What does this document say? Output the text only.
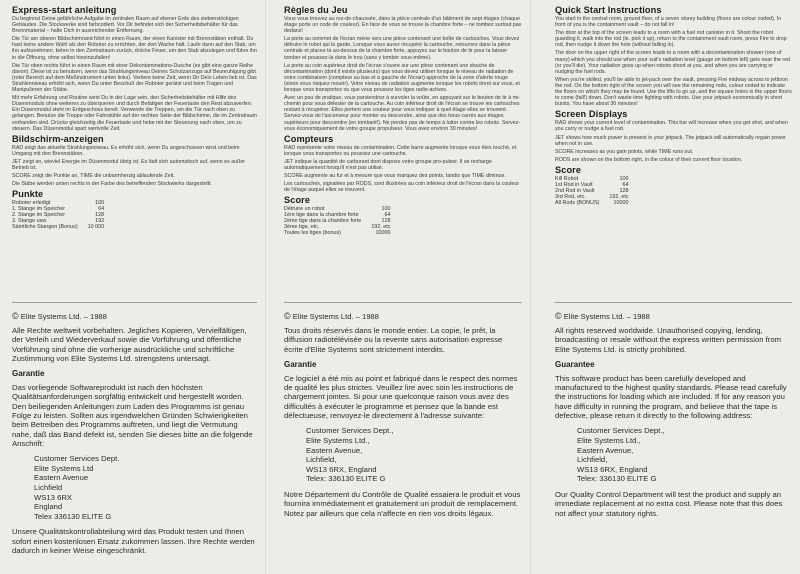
Express-start anleitung

Du beginnst Deine gefährliche Aufgabe im zentralen Raum auf ebener Erde des siebenstöckigen Gebäudes. Die Stockwerke sind farbcodiert. Vor Dir befindet sich der Sicherheitsbehälter für das Brennmaterial – halte Dich in ausreichender Entfernung.

Die Tür am oberen Bildschirmrand führt in einen Raum, der einen Kanister mit Brennstäben enthält. Du hast keine andere Wahl als den Roboter zu errichten, der dort Wache hält. Laufe dann auf den Stab, um ihn aufzunehmen, kehre in den Zentralraum zurück, drücke Feuer, um den Stab abzulegen und führe ihn in die Öffnung, ohne selbst hineinzufallen!

Die Tür oben rechts führt in einen Raum mit einer Dekontaminations-Dusche (es gibt eine ganze Reihe davon). Diese ist zu benutzen, wenn das Strahlungsniveau Deines Schutzanzugs auf Beunruhigung gibt (roter Bereich auf dem Meßinstrument unten links). Verliere keine Zeit, wenn Dir Dein Leben lieb ist. Das Strahlenniveau erhöht sich, wenn Du unter Beschuß der Roboter gerätst und beim Tragen und Manipulieren der Stäbe.

Mit mehr Erfahrung und Routine wirst Du in der Lage sein, den Sicherheitsbehälter mit Hilfe des Düsenmoduls ohne weiteres zu überqueren und durch Betätigen der Feuertaste den Rest abzuwerfen. Ein Düsenmodul steht im Erdgeschoss bereit. Verwende die Treppen, um die Tür nach oben zu gelangen. Benutze die Treppe oder Fahrstühle auf der rechten Seite der Bildschirme, die im Zentralraum vorhanden sind. Drücke gleichzeitig die Feuertaste und hebe mit der Steuerung nach oben, um zu steuern. Das Düsenmodul spart wertvolle Zeit.

Bildschirm-anzeigen

RAD zeigt das aktuelle Strahlungsniveau. Es erhöht sich, wenn Du angeschossen wirst und beim Umgang mit den Brennstäben.

JET zeigt an, wieviel Energie im Düsenmodul übrig ist. Es lädt sich automatisch auf, wenn es außer Betrieb ist.

SCORE zeigt die Punkte an, TIME die unbarmherzig ablaufende Zeit.

Die Stäbe werden unten rechts in der Farbe des betreffenden Stockwerks dargestellt.

Punkte
Roboter erledigt	100
1. Stange im Speicher	64
2. Stange im Speicher	128
3. Stange usw.	192
Sämtliche Stangen (Bonus)	10 000
© Elite Systems Ltd. – 1988

Alle Rechte weltweit vorbehalten. Jegliches Kopieren, Vervielfältigen, der Verleih und Wiederverkauf sowie die Vorführung und öffentliche Vorführung sind ohne die vorherige ausdrückliche und schriftliche Zustimmung von Elite Systems Ltd. strengstens untersagt.

Garantie

Das vorliegende Softwareprodukt ist nach den höchsten Qualitätsanforderungen sorgfältig entwickelt und hergestellt worden. Den beiliegenden Anleitungen zum Laden des Programms ist genau Folge zu leisten. Sollten aus irgendwelchen Gründen Schwierigkeiten beim Betreiben des Programms auftreten, und liegt die Vermutung nahe, daß das Band defekt ist, senden Sie dieses bitte an die folgende Anschrift:

Customer Services Dept.
Elite Systems Ltd
Eastern Avenue
Lichfield
WS13 6RX
England
Telex 336130 ELITE G

Unsere Qualitätskontrollabteilung wird das Produkt testen und Ihnen sofort einen kostenlosen Ersatz zukommen lassen. Ihre Rechte werden dadurch in keiner Weise eingeschränkt.

Règles du Jeu

Vous vous trouvez au rez-de-chaussée, dans la pièce centrale d'un bâtiment de sept étages (chaque étage porte un code de couleur). En face de vous se trouve la chambre forte – ne tombez surtout pas dedans!

La porte au sommet de l'écran mène vers une pièce contenant une boîte de cartouches. Vous devez détruire le robot qui la garde. Lorsque vous aurez récupéré la cartouche, retournez dans la pièce centrale et placez-la au-dessus de la chambre forte, appuyez sur le bouton de tir pour la laisser tomber et poussez-la dans le trou (sans y tomber vous-même).

La porte au coin supérieur droit de l'écran s'ouvre sur une pièce contenant une douche de décontamination (dont il existe plusieurs) que vous devez utiliser lorsque le niveau de radiation de votre combinaison (compteur au bas et à gauche de l'écran) approche de la zone d'alerte rouge (sinon vous risquez mourir). Votre niveau de radiation augmente lorsque les robots tirent sur vous, et lorsque vous transportez ou que vous poussez les tiges radio-actives.

Avec un peu de pratique, vous parviendrez à survoler la voûte, en appuyant sur le bouton de tir à mi-chemin pour vous délester de la cartouche. Au coin inférieur droit de l'écran se trouve les cartouches restant à récupérer. Elles portent une couleur pour vous indiquer à quel étage elles se trouvent. Servez-vous de l'ascenseur pour monter ou descendre, ainsi que des trous carrés aux étages supérieurs pour descendre (en tombant!). Ne perdez pas de temps à lutter contre les robots. Servez-vous économiquement de votre groupe propulseur. Vous avez environ 30 minutes!

Compteurs

RAD représente votre niveau de contamination. Cette barre augmente lorsque vous êtes touché, et lorsque vous transportez ou poussez une cartouche.

JET indique la quantité de carburant dont dispose votre groupe pro-pulser. Il se recharge automatiquement lorsqu'il n'est pas utilisé.

SCORE augmente au fur et à mesure que vous marquez des points, tandis que TIME diminue.

Les cartouches, signalées par RODS, sont illustrées au coin inférieur droit de l'écran dans la couleur de l'étage auquel elles se trouvent.

Score
Détruire un robot	100
1ère tige dans la chambre forte	64
2ème tige dans la chambre forte	128
3ème tige, etc.	192, etc
Toutes les tiges (bonus)	10000
© Elite Systems Ltd. – 1988

Tous droits réservés dans le monde entier. La copie, le prêt, la diffusion radiotélévisée ou la revente sans autorisation expresse écrite d'Elite Systems sont strictement interdits.

Garantie

Ce logiciel a été mis au point et fabriqué dans le respect des normes de qualité les plus strictes. Veuillez lire avec soin les instructions de chargement jointes. Si pour une quelconque raison vous avez des difficultés à exécuter le programme et pensez que la bande est défectueuse, renvoyez-le directement à l'adresse suivante:

Customer Services Dept.,
Elite Systems Ltd.,
Eastern Avenue,
Lichfield,
WS13 6RX, England
Telex: 336130 ELITE G

Notre Département du Contrôle de Qualité essaiera le produit et vous fournira immédiatement et gratuitement un produit de remplacement. Notez par ailleurs que cela n'affecte en rien vos droits légaux.

Quick Start Instructions

You start in the central room, ground floor, of a seven storey building (floors are colour coded). In front of you is the containment vault – do not fall in!

The door at the top of the screen leads to a room with a fuel rod canister in it. Shoot the robot guarding it, walk into the rod (ie. pick it up), return to the containment vault room, press Fire to drop rod, then nudge it down the hole (without falling in).

The door on the upper right of the screen leads to a room with a decontamination shower (one of many) which you should use when your suit's radiation level (gauge on bottom left) gets near the red (or you'll die). Your radiation goes up when robots shoot at you, and when you are carrying or nudging the fuel rods.

When you're skilled, you'll be able to jet-pack over the vault, pressing Fire midway across to jettison the rod. On the bottom right of the screen you will see the remaining rods, colour coded to indicate the floors on which they may be found. Use the lifts to go up, and the square holes in the upper floors to come (fall!) down. Don't waste time fighting with robots. Use your jetpack economically in short bursts. You have about 30 minutes!

Screen Displays

RAD shows your current level of contamination. This bar will increase when you get shot, and when you carry or nudge a fuel rod.

JET shows how much power is present in your jetpack. The jetpack will automatically regain power when not in use.

SCORE increases as you gain points, while TIME runs out.

RODS are shown on the bottom right, in the colour of their current floor location.

Score
Kill Robot	100
1st Rod in Vault	64
2nd Rod in Vault	128
3rd Rod, etc.	192, etc
All Rods (BONUS)	10000
© Elite Systems Ltd. – 1988

All rights reserved worldwide. Unauthorised copying, lending, broadcasting or resale without the express written permission from Elite Systems Ltd. is strictly prohibited.

Guarantee

This software product has been carefully developed and manufactured to the highest quality standards. Please read carefully the instructions for loading which are included. If for any reason you have difficulty in running the program, and believe that the tape is defective, please return it directly to the following address:

Customer Services Dept.,
Elite Systems Ltd.,
Eastern Avenue,
Lichfield,
WS13 6RX, England
Telex: 336130 ELITE G

Our Quality Control Department will test the product and supply an immediate replacement at no extra cost. Please note that this does not affect your statutory rights.
